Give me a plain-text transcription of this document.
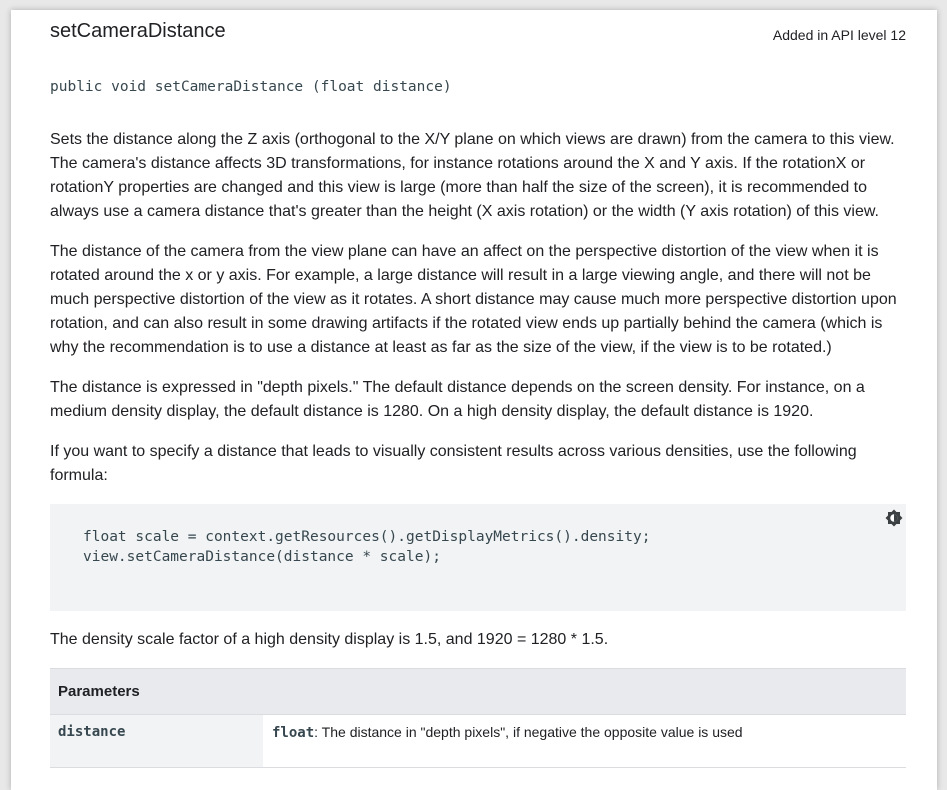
setCameraDistance	Added in API level 12
public void setCameraDistance (float distance)

Sets the distance along the Z axis (orthogonal to the X/Y plane on which views are drawn) from the camera to this view. The camera's distance affects 3D transformations, for instance rotations around the X and Y axis. If the rotationX or rotationY properties are changed and this view is large (more than half the size of the screen), it is recommended to always use a camera distance that's greater than the height (X axis rotation) or the width (Y axis rotation) of this view.

The distance of the camera from the view plane can have an affect on the perspective distortion of the view when it is rotated around the x or y axis. For example, a large distance will result in a large viewing angle, and there will not be much perspective distortion of the view as it rotates. A short distance may cause much more perspective distortion upon rotation, and can also result in some drawing artifacts if the rotated view ends up partially behind the camera (which is why the recommendation is to use a distance at least as far as the size of the view, if the view is to be rotated.)

The distance is expressed in "depth pixels." The default distance depends on the screen density. For instance, on a medium density display, the default distance is 1280. On a high density display, the default distance is 1920.

If you want to specify a distance that leads to visually consistent results across various densities, use the following formula:

float scale = context.getResources().getDisplayMetrics().density;
view.setCameraDistance(distance * scale);

The density scale factor of a high density display is 1.5, and 1920 = 1280 * 1.5.

Parameters
distance	float: The distance in "depth pixels", if negative the opposite value is used
